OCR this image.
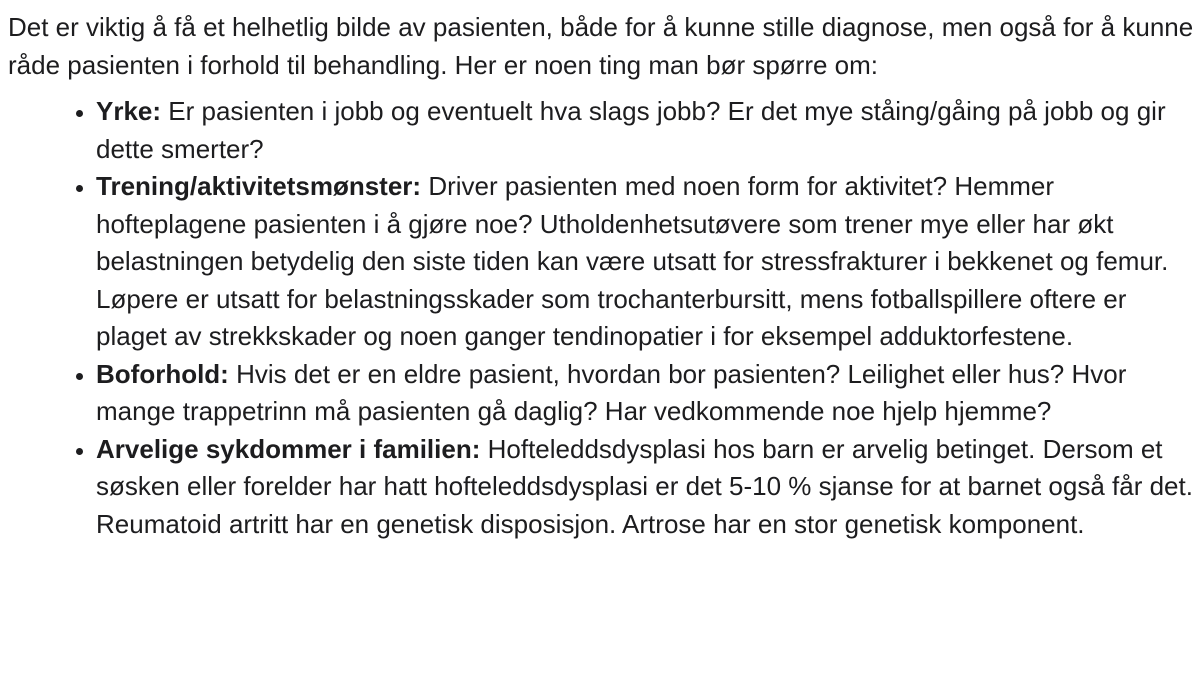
Det er viktig å få et helhetlig bilde av pasienten, både for å kunne stille diagnose, men også for å kunne råde pasienten i forhold til behandling. Her er noen ting man bør spørre om:

• Yrke: Er pasienten i jobb og eventuelt hva slags jobb? Er det mye ståing/gåing på jobb og gir dette smerter?
• Trening/aktivitetsmønster: Driver pasienten med noen form for aktivitet? Hemmer hofteplagene pasienten i å gjøre noe? Utholdenhetsutøvere som trener mye eller har økt belastningen betydelig den siste tiden kan være utsatt for stressfrakturer i bekkenet og femur. Løpere er utsatt for belastningsskader som trochanterbursitt, mens fotballspillere oftere er plaget av strekkskader og noen ganger tendinopatier i for eksempel adduktorfestene.
• Boforhold: Hvis det er en eldre pasient, hvordan bor pasienten? Leilighet eller hus? Hvor mange trappetrinn må pasienten gå daglig? Har vedkommende noe hjelp hjemme?
• Arvelige sykdommer i familien: Hofteleddsdysplasi hos barn er arvelig betinget. Dersom et søsken eller forelder har hatt hofteleddsdysplasi er det 5-10 % sjanse for at barnet også får det. Reumatoid artritt har en genetisk disposisjon. Artrose har en stor genetisk komponent.
